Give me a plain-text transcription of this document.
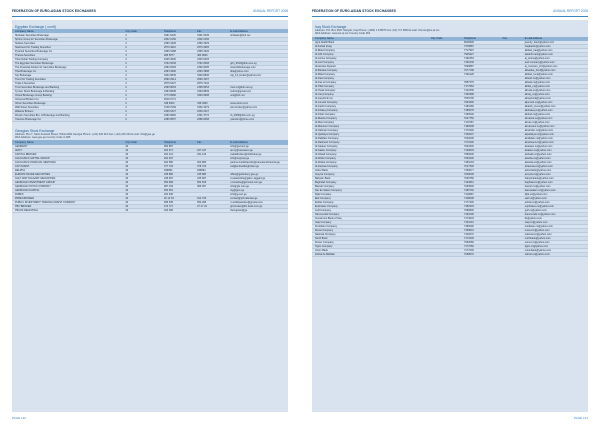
FEDERATION OF EURO-ASIAN STOCK EXCHANGES	ANNUAL REPORT 2008
Egyptian Exchange ( cont'l)
Company Name	City Code	Telephone	Fax	E-mail Address
Shobaan Securities Brokerage	2	3391 5200	3391 5235	shobaan@link.net
Sphinx Group for Securities Brokerage	2	2302 0150	2302 0156	
Sultane Securities	2	2390 3328	2390 3329	
Starbound for Trading Securities	2	2579 4910	2579 4905	
Pyramid Securities Brokerage Co.	2	2395 3288	2395 3206	
Tharwa Securities	3	486 5877	484 8926	
Tiba Global Trading Company	2	2345 4930	2345 6325	
The Egyptian Securities Brokerage	2	3762 5645	3762 6508	gfm_9510@link.com.eg
The Financial Advisor for Securities Brokerage	2	2392 8493	2392 8495	www.tfabrokerage.com
Tiba Brokerage Co.	2	2393 3986	2393 3988	tiba@prime.com
Top Brokerage	2	3302 8845	3302 8846	top_13_broker@yahoo.com
Trend for Trading Securities	2	2590 0914	2590 3407	
Triple A Securities	2	2575 6427	2579 7442	
Trust Securities Brokerage and Banking	2	2395 8053	2395 8053	trust.co@link.net.eg
Tycoon Stock Brokerage & Banking	2	2394 8838	2394 8839	tcobro@gmail.com
United Brokerage Group Banking	2	3773 8986	3349 9508	ucs@link.net
Universal Brokers Co.	2	2516 0771		
Vision Securities Brokerage	2	338 8300	338 3083	www.vision.com
Wall Street Securities	2	3748 7006	3330 4279	wss.broker@yahoo.com
Walama Brokers	2	2336 0327	2336 0327	
Weston Securities Bro. & Brokerage and Banking	2	2390 9860	2391 3776	tb_0089@link.com.eg
Yasmine Brokerage Co.	2	2386 8557	2386 8258	yasmbro@prime.com
Georgian Stock Exchange
Address: Plot 7, Saint Zuraisof Street, Tbilisi 0062 Georgia Phone: (+32) 225 216 Fax: (+32) 225 216 E-mail: info@gse.ge
Web Address: www.gse.ge Country Code in 995
Company Name	City Code	Telephone	Fax	E-mail Address
GEORENT	32	952 887		info@georent.ge
AMCY	32	922 971	227 447	amcy@caucasus.ge
CAPITAL BROKER	32	291 413	291 413	capitalbroker@cbkbroker.ge
CAUCASUS CAPITAL GROUP	32	291 297		info@ccgroup.ge
CAUCASUS FINANCIAL SERVICES	32	922 580	920 983	partner.kurtskhavidze@caucasusfinancial.ge
CAT INVEST	32	377 703	378 723	cat@embeddingbroker.ge
DELPHA	32	939894	939894	
EUROPA TRADE SECURITIES	32	235 880	235 880	office@gelbrokery.gse.ge
GALT AND TAGGART SECURITIES	32	235 997	235 997	it.sarashidze@galt-n-taggart.ge
GEORGIAN INVESTMENT GROUP	32	954 899	952 815	n.beradze@gcinvest.com.ge
GEORGIAN STOCK COMPANY	32	987 109	999 067	info@gfs.com.ge
GEORGIAN-CAPITAL	32	250 951		clg@gem.ge
KOBFS	32	291 940		info@g-cert.ge
PRIMA BROKER	32	92 12 54	912 703	contact@primabroker.ge
PUBLIC INVESTMENT TRADING INVEST COMPANY	32	995 535	952 286	m.lordkipanidze@gmaiw.com
TBC BROKER	32	272 727	27 27 24	gfs.broker@tbc.bank.com.ge
TBILISI REGISTRAL	32	323 385		tbcregister@ge
PAGE 140
FEDERATION OF EURO-ASIAN STOCK EXCHANGES	ANNUAL REPORT 2008
Iraq Stock Exchange
Address: P.O. Box 3607 Alwiyah, Iraq Phone: (+964) 1 8 8570 Fax: (01) 717 6800 E-mail: info-isx@isx-iq.net
Web Address: www.isx-iq.net Country Code 964
Company Name	City Code	Telephone	Fax	E-mail Address
Agra Ababil Bank		6049909		jewelry_bank@yahoo.com
Al-Fahad (Iraq)		7478887		iraqikasim@yahoo.com
Al Bilad Company		7717997		albilad_iraq@yahoo.com
Al-Ahli Company		7905227		alaahli.mark@yahoo.com
Al-Amine Company		7190153		al_amine@yahoo.com
Al-Aref Company		7190136		aref.company@yahoo.com
Alnasnam Alyarani		7099887		al_mosnam_shr@yahoo.com
Al-Baraka Company		7077138		albaraka_fund@yahoo.com
Al-Bilad Company		7190128		albilad_fund@yahoo.com
Al-Daa Company				alfaraz.co@yahoo.com
Al-Fas el Company		7887375		alfasal.co@yahoo.com
Al-Hilal Company		7177960		alhilal_co@yahoo.com
Al-Huda Company		7121536		alhuda.co@yahoo.com
Al-Iraq Company		7150398		aliraq_co@yahoo.com
Al-Iraq Zonk Inc.		7545735		aliraqzonk@yahoo.com
Al Junoob Company		7063300		aljunoob.co@yahoo.com
Al-Karkh Company		7180180		alkarkh_invest@yahoo.com
Al-Khaleej Company		7185078		alkhaleej.co@yahoo.com
Al-Khair Company		7165000		alkhair.co@yahoo.com
Al-Masira Company		7047750		almasira.co@yahoo.com
Al-Mas Company		7117060		almas.co@yahoo.com
Al-Mansour Company		7180008		almansour.co@yahoo.com
Al-Nahrain Company		7179100		alnahrain.co@yahoo.com
Al-Qadisiya Company		7160007		alqadisiya.co@yahoo.com
Al-Rafidain Company		7040006		alrafidain.co@yahoo.com
Al-Rasheed Company		7171000		alrasheed.co@yahoo.com
Al-Sadeer Company		7063300		alsadeer.co@yahoo.com
Al-Salam Company		7128003		alsalam.co@yahoo.com
Al-Shaab Company		7086006		alshaab.co@yahoo.com
Al-Waha Company		7050400		alwaha.co@yahoo.com
Al-Warka Company		7181004		alwarka.co@yahoo.com
Al-Zawraa Company		7017300		alzawraa.co@yahoo.com
Ashur Bank		7159077		ashurbank@yahoo.com
Assyria Company		7048006		assyria.co@yahoo.com
Babylon Bank		7065780		babylonbank@yahoo.com
Baghdad Company		7120810		baghdad.co@yahoo.com
Basrah Company		7069090		basrah.co@yahoo.com
Dar Es Salam Company		7180702		daressalam.co@yahoo.com
Dijla Company		7110800		dijla.co@yahoo.com
Elaf Company		7138008		elaf.co@yahoo.com
Eshtar Company		7177200		eshtar.co@yahoo.com
Euphrates Company		7180303		euphrates.co@yahoo.com
Gulf Company		7088800		gulf.co@yahoo.com
Hammurabi Company		7161006		hammurabi.co@yahoo.com
Investment Bank of Iraq		7173003		ibi@yahoo.com
Iraqi Company		7101010		iraqi.co@yahoo.com
Kurdistan Company		7180090		kurdistan.co@yahoo.com
Mosul Company		7158001		mosul.co@yahoo.com
National Company		7120070		national.co@yahoo.com
North Bank		7171600		northbank@yahoo.com
Sumer Company		7060080		sumer.co@yahoo.com
Tigris Company		7177060		tigris.co@yahoo.com
Union Bank		7177000		unionbank@yahoo.com
Zahrat Al-Rafidain		7068070		zahrat.co@yahoo.com
PAGE 141
